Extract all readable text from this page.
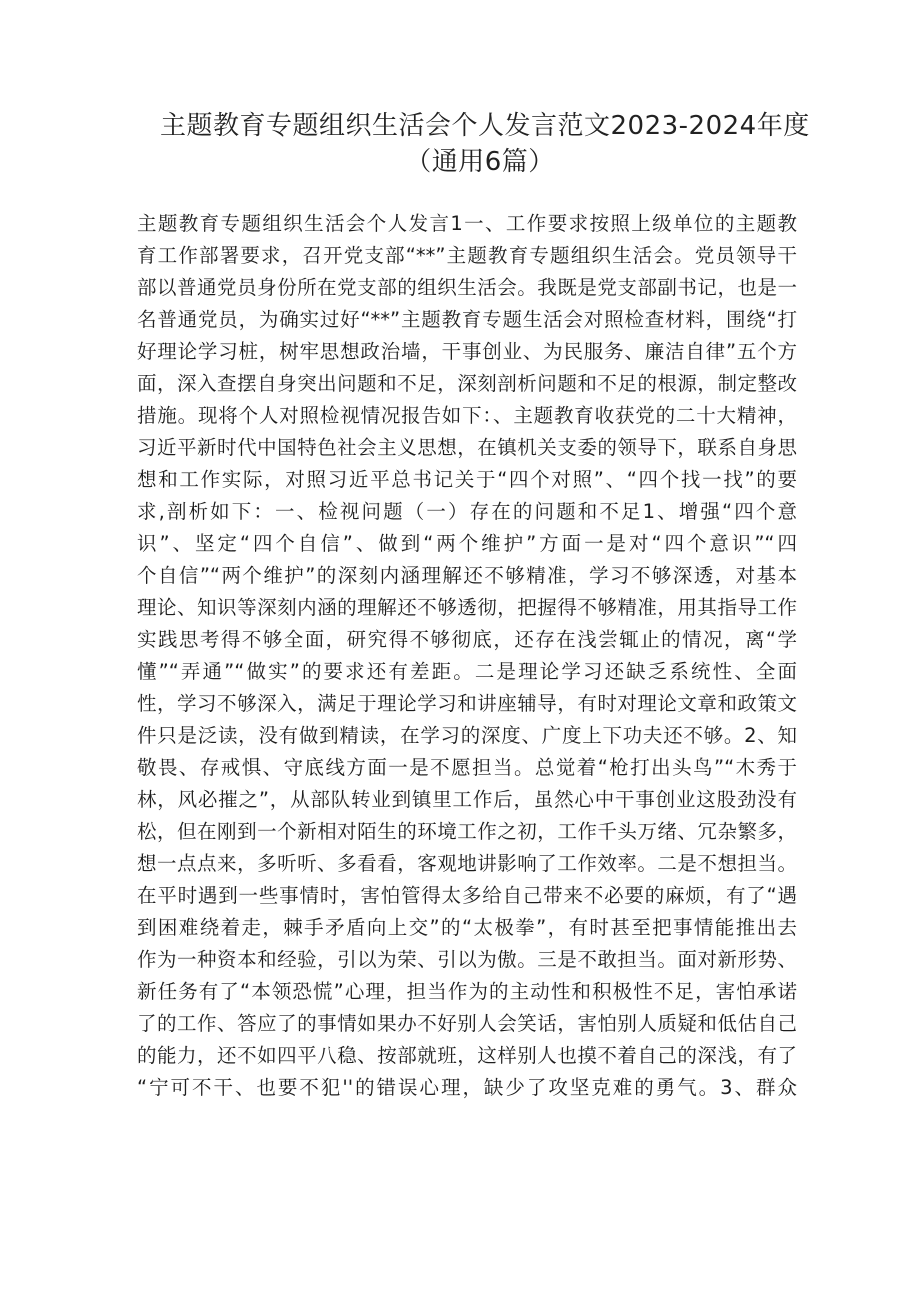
主题教育专题组织生活会个人发言范文2023-2024年度
（通用6篇）
主题教育专题组织生活会个人发言1一、工作要求按照上级单位的主题教
育工作部署要求，召开党支部“**”主题教育专题组织生活会。党员领导干
部以普通党员身份所在党支部的组织生活会。我既是党支部副书记，也是一
名普通党员，为确实过好“**”主题教育专题生活会对照检查材料，围绕“打
好理论学习桩，树牢思想政治墙，干事创业、为民服务、廉洁自律”五个方
面，深入查摆自身突出问题和不足，深刻剖析问题和不足的根源，制定整改
措施。现将个人对照检视情况报告如下：、主题教育收获党的二十大精神，
习近平新时代中国特色社会主义思想，在镇机关支委的领导下，联系自身思
想和工作实际，对照习近平总书记关于“四个对照”、“四个找一找”的要
求,剖析如下：一、检视问题（一）存在的问题和不足1、增强“四个意
识”、坚定“四个自信”、做到“两个维护”方面一是对“四个意识”“四
个自信”“两个维护”的深刻内涵理解还不够精准，学习不够深透，对基本
理论、知识等深刻内涵的理解还不够透彻，把握得不够精准，用其指导工作
实践思考得不够全面，研究得不够彻底，还存在浅尝辄止的情况，离“学
懂”“弄通”“做实”的要求还有差距。二是理论学习还缺乏系统性、全面
性，学习不够深入，满足于理论学习和讲座辅导，有时对理论文章和政策文
件只是泛读，没有做到精读，在学习的深度、广度上下功夫还不够。2、知
敬畏、存戒惧、守底线方面一是不愿担当。总觉着“枪打出头鸟”“木秀于
林，风必摧之”，从部队转业到镇里工作后，虽然心中干事创业这股劲没有
松，但在刚到一个新相对陌生的环境工作之初，工作千头万绪、冗杂繁多，
想一点点来，多听听、多看看，客观地讲影响了工作效率。二是不想担当。
在平时遇到一些事情时，害怕管得太多给自己带来不必要的麻烦，有了“遇
到困难绕着走，棘手矛盾向上交”的“太极拳”，有时甚至把事情能推出去
作为一种资本和经验，引以为荣、引以为傲。三是不敢担当。面对新形势、
新任务有了“本领恐慌”心理，担当作为的主动性和积极性不足，害怕承诺
了的工作、答应了的事情如果办不好别人会笑话，害怕别人质疑和低估自己
的能力，还不如四平八稳、按部就班，这样别人也摸不着自己的深浅，有了
“宁可不干、也要不犯''的错误心理，缺少了攻坚克难的勇气。3、群众
